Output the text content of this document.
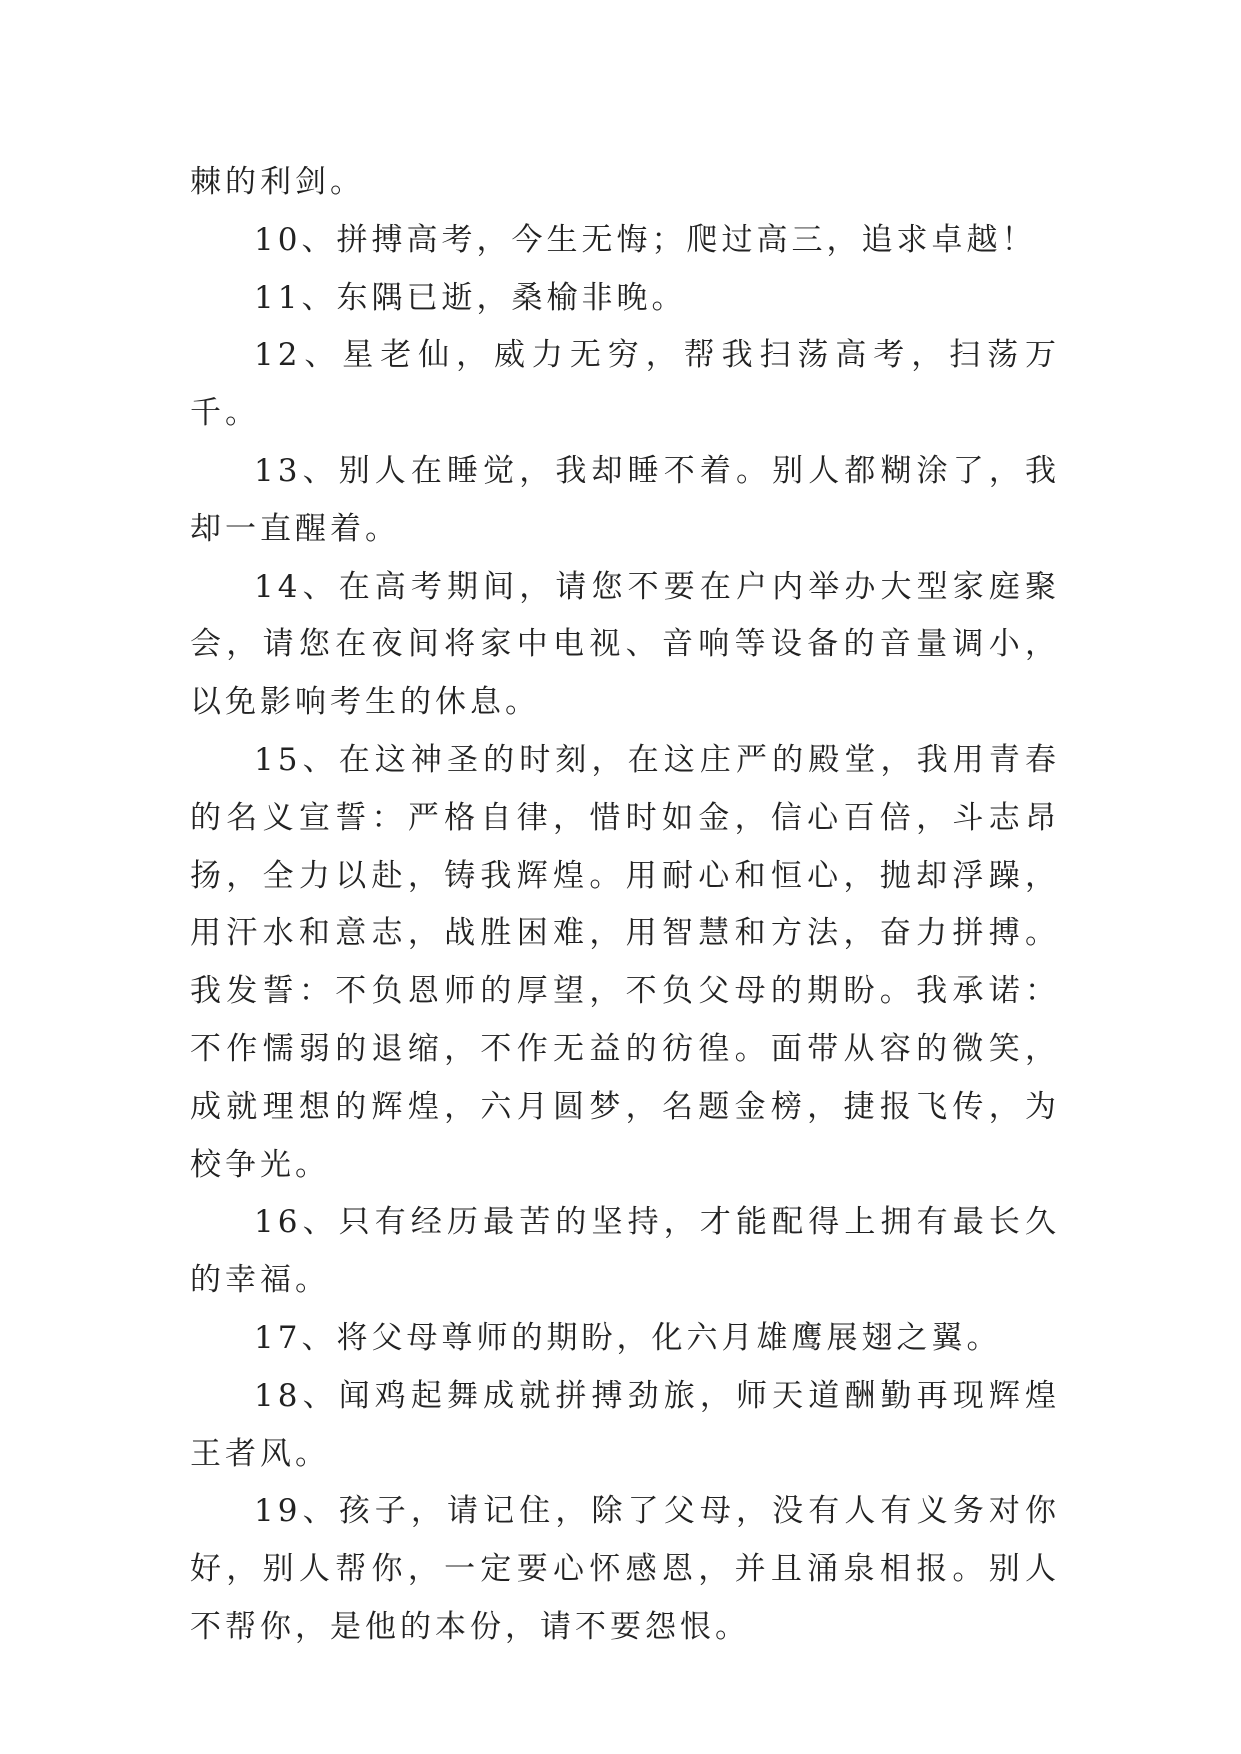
棘的利剑。

10、拼搏高考，今生无悔；爬过高三，追求卓越！

11、东隅已逝，桑榆非晚。

12、星老仙，威力无穷，帮我扫荡高考，扫荡万千。

13、别人在睡觉，我却睡不着。别人都糊涂了，我却一直醒着。

14、在高考期间，请您不要在户内举办大型家庭聚会，请您在夜间将家中电视、音响等设备的音量调小，以免影响考生的休息。

15、在这神圣的时刻，在这庄严的殿堂，我用青春的名义宣誓：严格自律，惜时如金，信心百倍，斗志昂扬，全力以赴，铸我辉煌。用耐心和恒心，抛却浮躁，用汗水和意志，战胜困难，用智慧和方法，奋力拼搏。我发誓：不负恩师的厚望，不负父母的期盼。我承诺：不作懦弱的退缩，不作无益的彷徨。面带从容的微笑，成就理想的辉煌，六月圆梦，名题金榜，捷报飞传，为校争光。

16、只有经历最苦的坚持，才能配得上拥有最长久的幸福。

17、将父母尊师的期盼，化六月雄鹰展翅之翼。

18、闻鸡起舞成就拼搏劲旅，师天道酬勤再现辉煌王者风。

19、孩子，请记住，除了父母，没有人有义务对你好，别人帮你，一定要心怀感恩，并且涌泉相报。别人不帮你，是他的本份，请不要怨恨。
